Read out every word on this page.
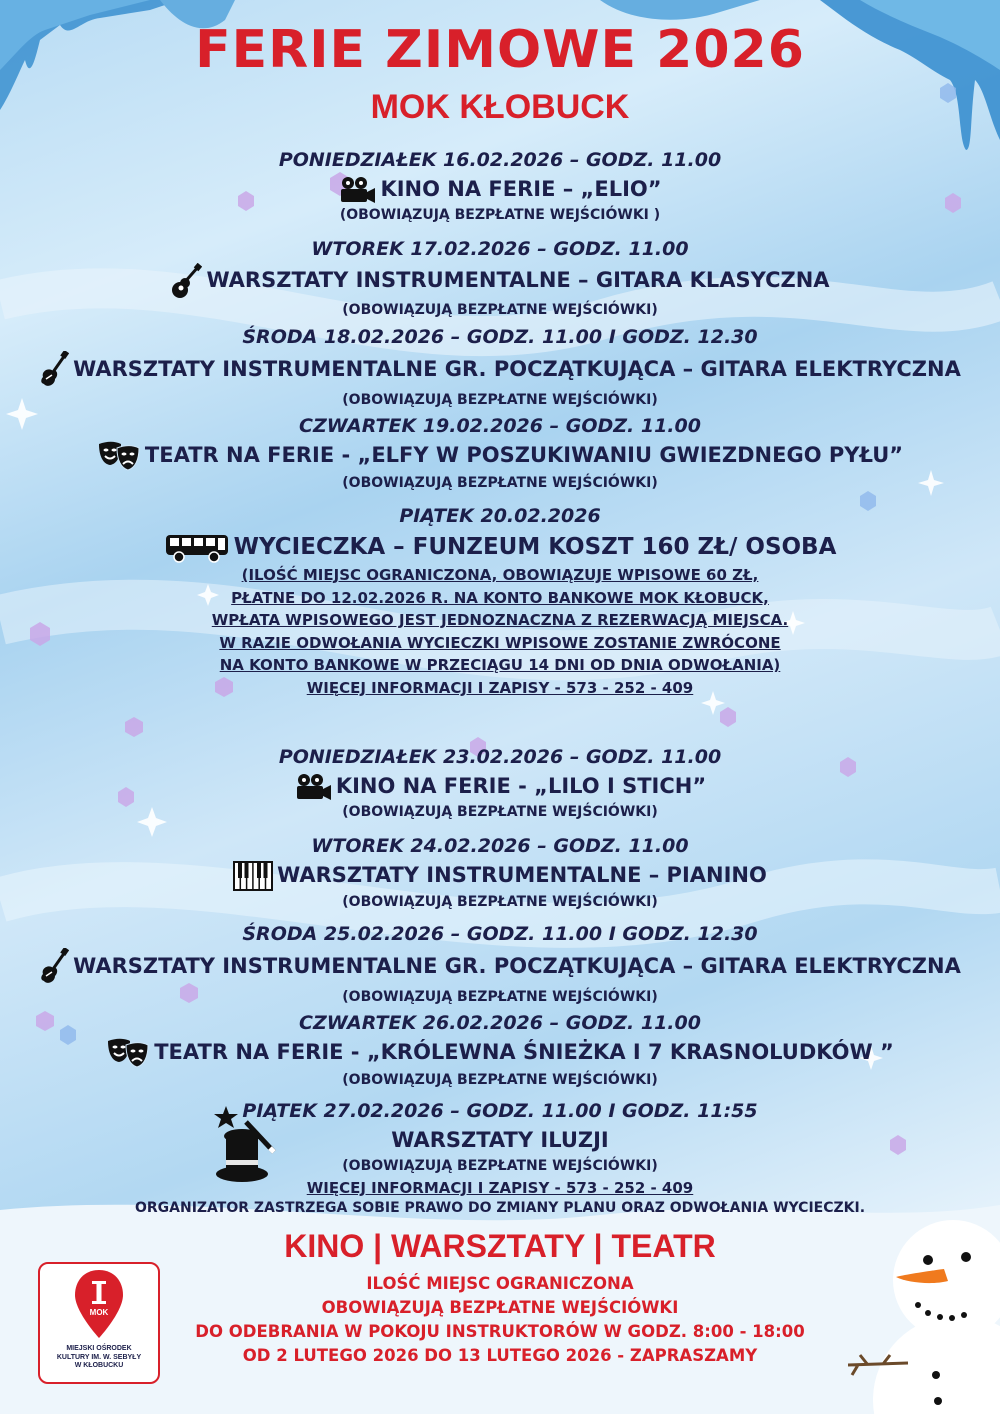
FERIE ZIMOWE 2026
MOK KŁOBUCK
PONIEDZIAŁEK 16.02.2026 – GODZ. 11.00
KINO NA FERIE – „ELIO”
(OBOWIĄZUJĄ BEZPŁATNE WEJŚCIÓWKI )
WTOREK 17.02.2026 – GODZ. 11.00
WARSZTATY INSTRUMENTALNE – GITARA KLASYCZNA
(OBOWIĄZUJĄ BEZPŁATNE WEJŚCIÓWKI)
ŚRODA 18.02.2026 – GODZ. 11.00 I GODZ. 12.30
WARSZTATY INSTRUMENTALNE GR. POCZĄTKUJĄCA – GITARA ELEKTRYCZNA
(OBOWIĄZUJĄ BEZPŁATNE WEJŚCIÓWKI)
CZWARTEK 19.02.2026 – GODZ. 11.00
TEATR NA FERIE - „ELFY W POSZUKIWANIU GWIEZDNEGO PYŁU”
(OBOWIĄZUJĄ BEZPŁATNE WEJŚCIÓWKI)
PIĄTEK 20.02.2026
WYCIECZKA – FUNZEUM KOSZT 160 ZŁ/ OSOBA
(ILOŚĆ MIEJSC OGRANICZONA, OBOWIĄZUJE WPISOWE 60 ZŁ,
PŁATNE DO 12.02.2026 R. NA KONTO BANKOWE MOK KŁOBUCK,
WPŁATA WPISOWEGO JEST JEDNOZNACZNA Z REZERWACJĄ MIEJSCA.
W RAZIE ODWOŁANIA WYCIECZKI WPISOWE ZOSTANIE ZWRÓCONE
NA KONTO BANKOWE W PRZECIĄGU 14 DNI OD DNIA ODWOŁANIA)
WIĘCEJ INFORMACJI I ZAPISY - 573 - 252 - 409
PONIEDZIAŁEK 23.02.2026 – GODZ. 11.00
KINO NA FERIE - „LILO I STICH”
(OBOWIĄZUJĄ BEZPŁATNE WEJŚCIÓWKI)
WTOREK 24.02.2026 – GODZ. 11.00
WARSZTATY INSTRUMENTALNE – PIANINO
(OBOWIĄZUJĄ BEZPŁATNE WEJŚCIÓWKI)
ŚRODA 25.02.2026 – GODZ. 11.00 I GODZ. 12.30
WARSZTATY INSTRUMENTALNE GR. POCZĄTKUJĄCA – GITARA ELEKTRYCZNA
(OBOWIĄZUJĄ BEZPŁATNE WEJŚCIÓWKI)
CZWARTEK 26.02.2026 – GODZ. 11.00
TEATR NA FERIE - „KRÓLEWNA ŚNIEŻKA I 7 KRASNOLUDKÓW ”
(OBOWIĄZUJĄ BEZPŁATNE WEJŚCIÓWKI)
PIĄTEK 27.02.2026 – GODZ. 11.00 I GODZ. 11:55
WARSZTATY ILUZJI
(OBOWIĄZUJĄ BEZPŁATNE WEJŚCIÓWKI)
WIĘCEJ INFORMACJI I ZAPISY - 573 - 252 - 409
ORGANIZATOR ZASTRZEGA SOBIE PRAWO DO ZMIANY PLANU ORAZ ODWOŁANIA WYCIECZKI.
KINO | WARSZTATY | TEATR
ILOŚĆ MIEJSC OGRANICZONA
OBOWIĄZUJĄ BEZPŁATNE WEJŚCIÓWKI
DO ODEBRANIA W POKOJU INSTRUKTORÓW W GODZ. 8:00 - 18:00
OD 2 LUTEGO 2026 DO 13 LUTEGO 2026 - ZAPRASZAMY
MOK
MIEJSKI OŚRODEK
KULTURY IM. W. SEBYŁY
W KŁOBUCKU
